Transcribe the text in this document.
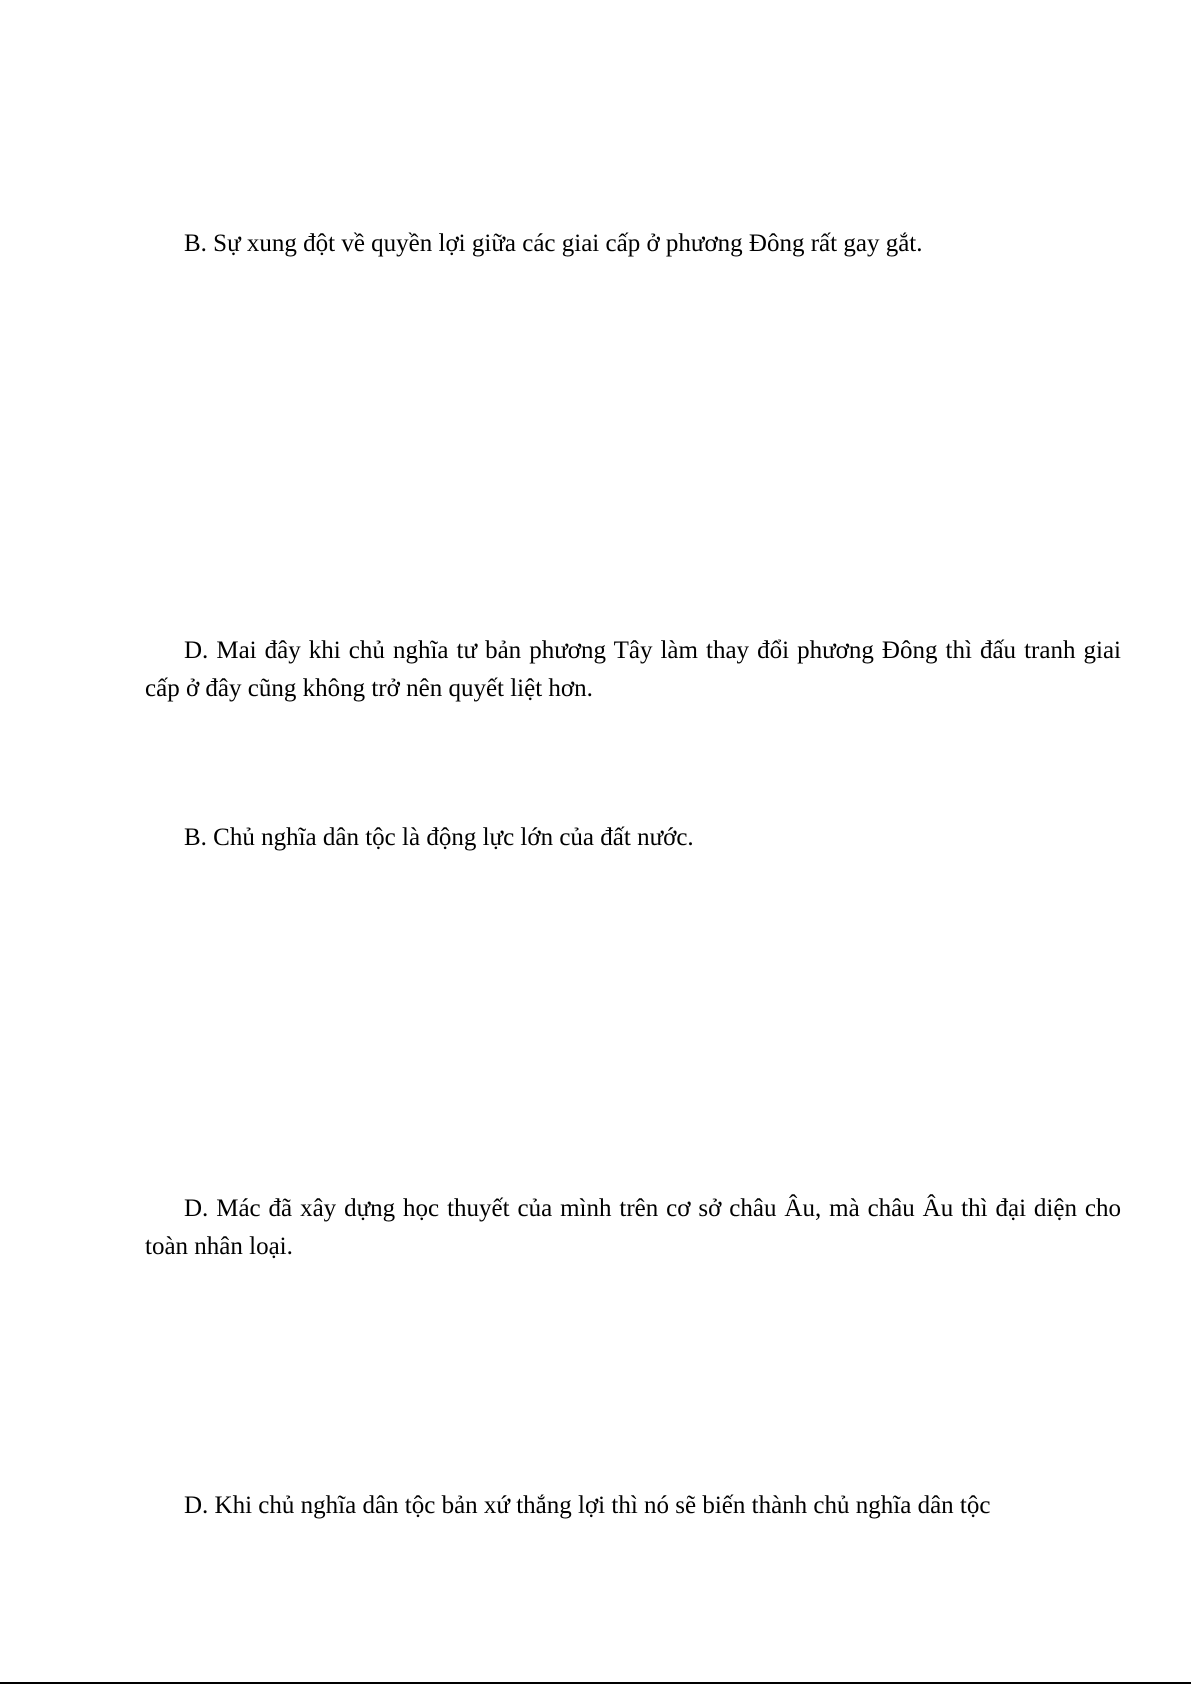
B. Sự xung đột về quyền lợi giữa các giai cấp ở phương Đông rất gay gắt.

D. Mai đây khi chủ nghĩa tư bản phương Tây làm thay đổi phương Đông thì đấu tranh giai cấp ở đây cũng không trở nên quyết liệt hơn.

B. Chủ nghĩa dân tộc là động lực lớn của đất nước.

D. Mác đã xây dựng học thuyết của mình trên cơ sở châu Âu, mà châu Âu thì đại diện cho toàn nhân loại.

D. Khi chủ nghĩa dân tộc bản xứ thắng lợi thì nó sẽ biến thành chủ nghĩa dân tộc
